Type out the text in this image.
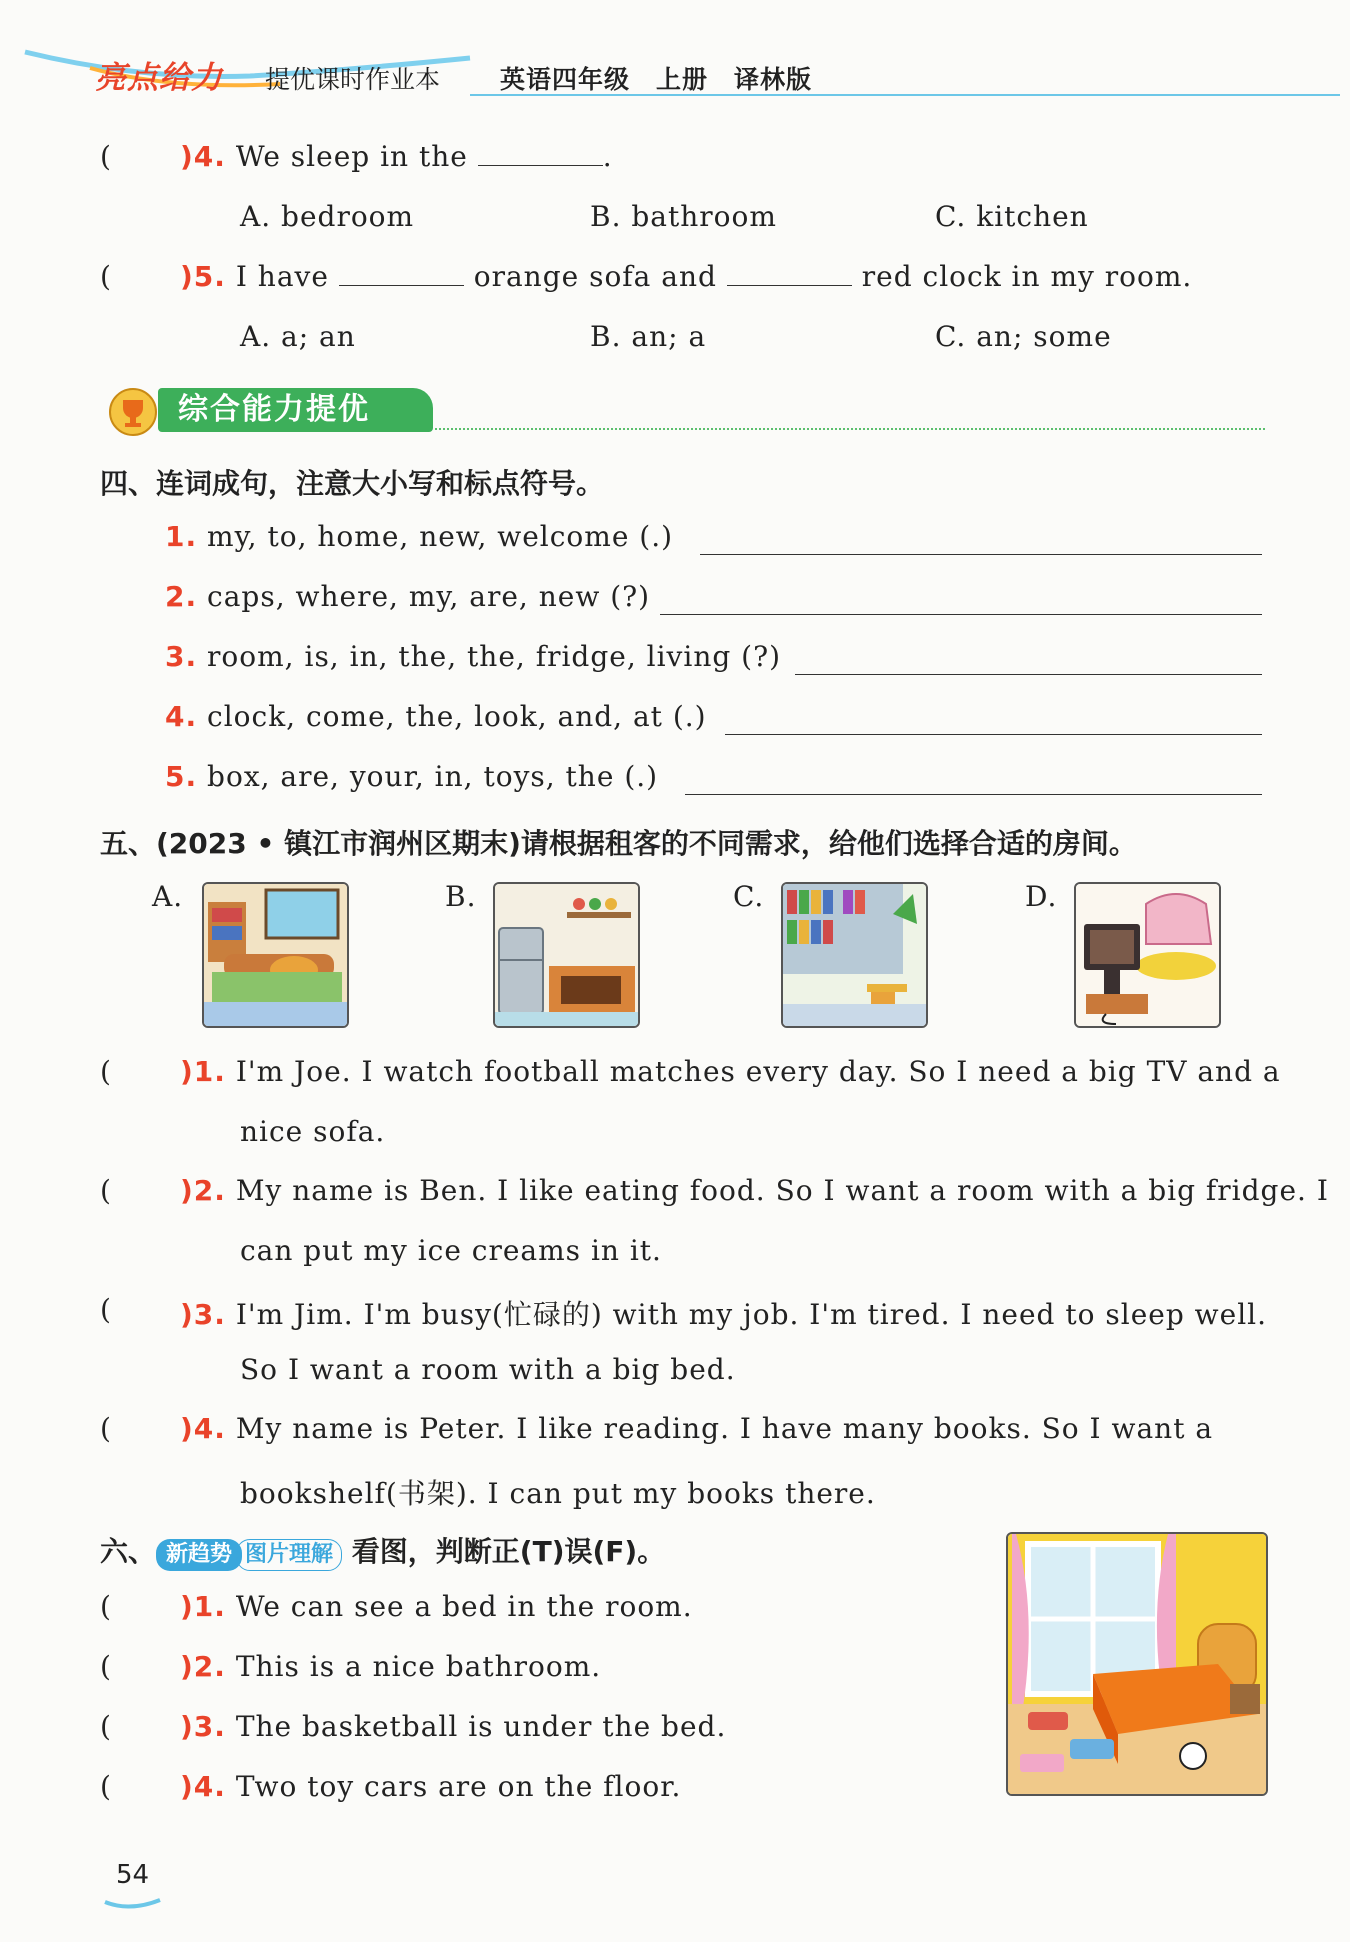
亮点给力 提优课时作业本 英语四年级　上册　译林版
( )4. We sleep in the	.
A. bedroom	B. bathroom	C. kitchen
( )5. I have	orange sofa and	red clock in my room.
A. a; an	B. an; a	C. an; some
综合能力提优
四、连词成句，注意大小写和标点符号。
1. my, to, home, new, welcome (.)
2. caps, where, my, are, new (?)
3. room, is, in, the, the, fridge, living (?)
4. clock, come, the, look, and, at (.)
5. box, are, your, in, toys, the (.)
五、(2023 • 镇江市润州区期末)请根据租客的不同需求，给他们选择合适的房间。
A.	B.	C.	D.
( )1. I'm Joe. I watch football matches every day. So I need a big TV and a
nice sofa.
( )2. My name is Ben. I like eating food. So I want a room with a big fridge. I
can put my ice creams in it.
( )3. I'm Jim. I'm busy(忙碌的) with my job. I'm tired. I need to sleep well.
So I want a room with a big bed.
( )4. My name is Peter. I like reading. I have many books. So I want a
bookshelf(书架). I can put my books there.
六、 新趋势 图片理解 看图，判断正(T)误(F)。
( )1. We can see a bed in the room.
( )2. This is a nice bathroom.
( )3. The basketball is under the bed.
( )4. Two toy cars are on the floor.
54
